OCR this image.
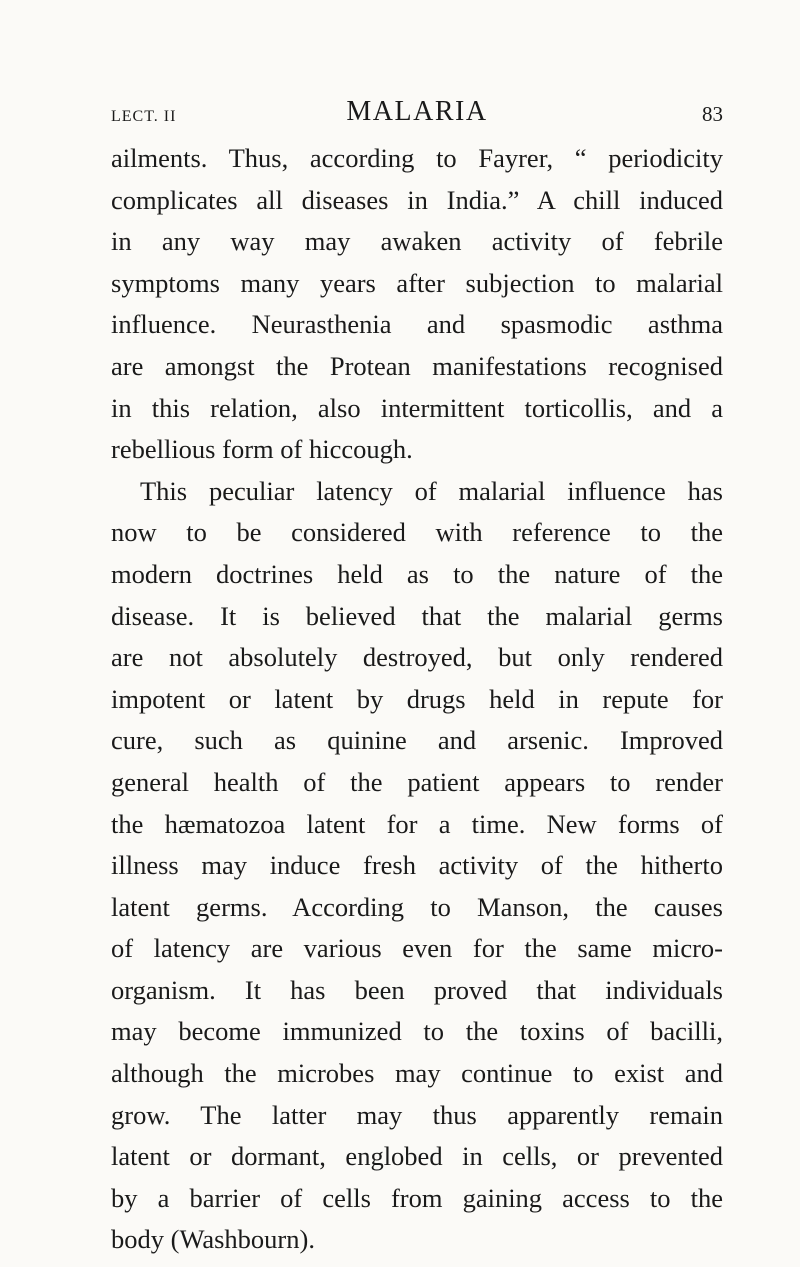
LECT. II	MALARIA	83
ailments. Thus, according to Fayrer, “ periodicity
complicates all diseases in India.” A chill induced
in any way may awaken activity of febrile
symptoms many years after subjection to malarial
influence. Neurasthenia and spasmodic asthma
are amongst the Protean manifestations recognised
in this relation, also intermittent torticollis, and a
rebellious form of hiccough.
This peculiar latency of malarial influence has
now to be considered with reference to the
modern doctrines held as to the nature of the
disease. It is believed that the malarial germs
are not absolutely destroyed, but only rendered
impotent or latent by drugs held in repute for
cure, such as quinine and arsenic. Improved
general health of the patient appears to render
the hæmatozoa latent for a time. New forms of
illness may induce fresh activity of the hitherto
latent germs. According to Manson, the causes
of latency are various even for the same micro-
organism. It has been proved that individuals
may become immunized to the toxins of bacilli,
although the microbes may continue to exist and
grow. The latter may thus apparently remain
latent or dormant, englobed in cells, or prevented
by a barrier of cells from gaining access to the
body (Washbourn).
